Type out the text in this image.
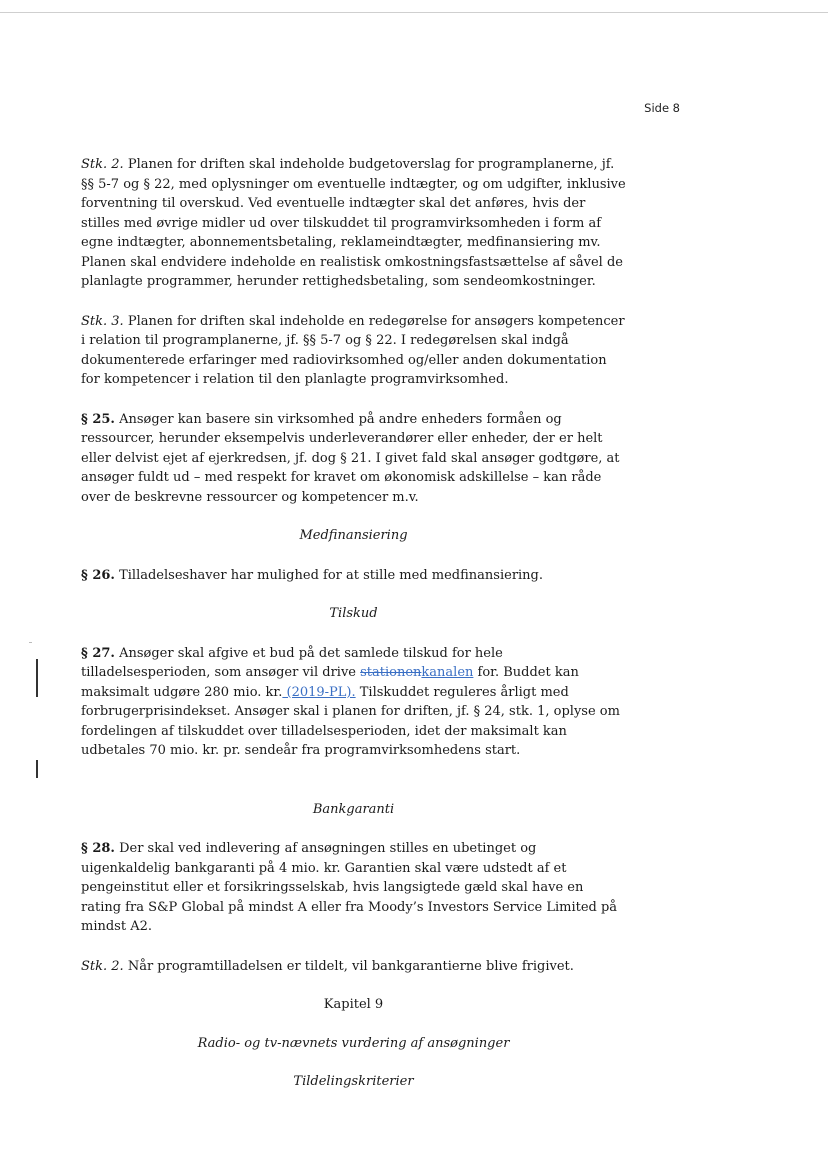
Side 8

Stk. 2. Planen for driften skal indeholde budgetoverslag for programplanerne, jf. §§ 5-7 og § 22, med oplysninger om eventuelle indtægter, og om udgifter, inklusive forventning til overskud. Ved eventuelle indtægter skal det anføres, hvis der stilles med øvrige midler ud over tilskuddet til programvirksomheden i form af egne indtægter, abonnementsbetaling, reklameindtægter, medfinansiering mv. Planen skal endvidere indeholde en realistisk omkostningsfastsættelse af såvel de planlagte programmer, herunder rettighedsbetaling, som sendeomkostninger.

Stk. 3. Planen for driften skal indeholde en redegørelse for ansøgers kompetencer i relation til programplanerne, jf. §§ 5-7 og § 22. I redegørelsen skal indgå dokumenterede erfaringer med radiovirksomhed og/eller anden dokumentation for kompetencer i relation til den planlagte programvirksomhed.

§ 25. Ansøger kan basere sin virksomhed på andre enheders formåen og ressourcer, herunder eksempelvis underleverandører eller enheder, der er helt eller delvist ejet af ejerkredsen, jf. dog § 21. I givet fald skal ansøger godtgøre, at ansøger fuldt ud – med respekt for kravet om økonomisk adskillelse – kan råde over de beskrevne ressourcer og kompetencer m.v.

Medfinansiering

§ 26. Tilladelseshaver har mulighed for at stille med medfinansiering.

Tilskud

§ 27. Ansøger skal afgive et bud på det samlede tilskud for hele tilladelsesperioden, som ansøger vil drive stationenkanalen for. Buddet kan maksimalt udgøre 280 mio. kr. (2019-PL). Tilskuddet reguleres årligt med forbrugerprisindekset. Ansøger skal i planen for driften, jf. § 24, stk. 1, oplyse om fordelingen af tilskuddet over tilladelsesperioden, idet der maksimalt kan udbetales 70 mio. kr. pr. sendeår fra programvirksomhedens start.

Bankgaranti

§ 28. Der skal ved indlevering af ansøgningen stilles en ubetinget og uigenkaldelig bankgaranti på 4 mio. kr. Garantien skal være udstedt af et pengeinstitut eller et forsikringsselskab, hvis langsigtede gæld skal have en rating fra S&P Global på mindst A eller fra Moody’s Investors Service Limited på mindst A2.

Stk. 2. Når programtilladelsen er tildelt, vil bankgarantierne blive frigivet.

Kapitel 9

Radio- og tv-nævnets vurdering af ansøgninger

Tildelingskriterier
